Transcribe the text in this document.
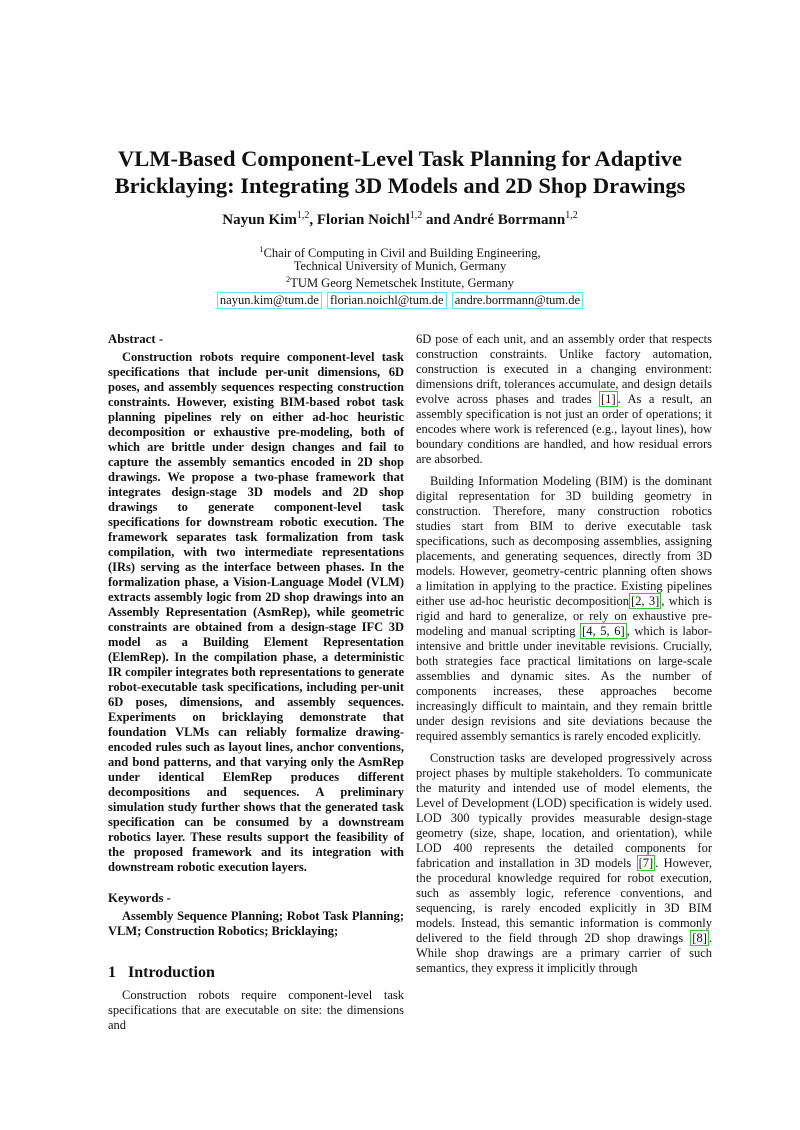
VLM-Based Component-Level Task Planning for Adaptive
Bricklaying: Integrating 3D Models and 2D Shop Drawings
Nayun Kim$^{1,2}$, Florian Noichl$^{1,2}$ and André Borrmann$^{1,2}$
$^1$Chair of Computing in Civil and Building Engineering,
Technical University of Munich, Germany
$^2$TUM Georg Nemetschek Institute, Germany
nayun.kim@tum.de florian.noichl@tum.de andre.borrmann@tum.de
Abstract -

Construction robots require component-level task specifications that include per-unit dimensions, 6D poses, and assembly sequences respecting construction constraints. However, existing BIM-based robot task planning pipelines rely on either ad-hoc heuristic decomposition or exhaustive pre-modeling, both of which are brittle under design changes and fail to capture the assembly semantics encoded in 2D shop drawings. We propose a two-phase framework that integrates design-stage 3D models and 2D shop drawings to generate component-level task specifications for downstream robotic execution. The framework separates task formalization from task compilation, with two intermediate representations (IRs) serving as the interface between phases. In the formalization phase, a Vision-Language Model (VLM) extracts assembly logic from 2D shop drawings into an Assembly Representation (AsmRep), while geometric constraints are obtained from a design-stage IFC 3D model as a Building Element Representation (ElemRep). In the compilation phase, a deterministic IR compiler integrates both representations to generate robot-executable task specifications, including per-unit 6D poses, dimensions, and assembly sequences. Experiments on bricklaying demonstrate that foundation VLMs can reliably formalize drawing-encoded rules such as layout lines, anchor conventions, and bond patterns, and that varying only the AsmRep under identical ElemRep produces different decompositions and sequences. A preliminary simulation study further shows that the generated task specification can be consumed by a downstream robotics layer. These results support the feasibility of the proposed framework and its integration with downstream robotic execution layers.

Keywords -

Assembly Sequence Planning; Robot Task Planning; VLM; Construction Robotics; Bricklaying;

1 Introduction

Construction robots require component-level task specifications that are executable on site: the dimensions and

6D pose of each unit, and an assembly order that respects construction constraints. Unlike factory automation, construction is executed in a changing environment: dimensions drift, tolerances accumulate, and design details evolve across phases and trades [1] . As a result, an assembly specification is not just an order of operations; it encodes where work is referenced (e.g., layout lines), how boundary conditions are handled, and how residual errors are absorbed.

Building Information Modeling (BIM) is the dominant digital representation for 3D building geometry in construction. Therefore, many construction robotics studies start from BIM to derive executable task specifications, such as decomposing assemblies, assigning placements, and generating sequences, directly from 3D models. However, geometry-centric planning often shows a limitation in applying to the practice. Existing pipelines either use ad-hoc heuristic decomposition [2, 3] , which is rigid and hard to generalize, or rely on exhaustive pre-modeling and manual scripting [4, 5, 6] , which is labor-intensive and brittle under inevitable revisions. Crucially, both strategies face practical limitations on large-scale assemblies and dynamic sites. As the number of components increases, these approaches become increasingly difficult to maintain, and they remain brittle under design revisions and site deviations because the required assembly semantics is rarely encoded explicitly.

Construction tasks are developed progressively across project phases by multiple stakeholders. To communicate the maturity and intended use of model elements, the Level of Development (LOD) specification is widely used. LOD 300 typically provides measurable design-stage geometry (size, shape, location, and orientation), while LOD 400 represents the detailed components for fabrication and installation in 3D models [7] . However, the procedural knowledge required for robot execution, such as assembly logic, reference conventions, and sequencing, is rarely encoded explicitly in 3D BIM models. Instead, this semantic information is commonly delivered to the field through 2D shop drawings [8] . While shop drawings are a primary carrier of such semantics, they express it implicitly through
